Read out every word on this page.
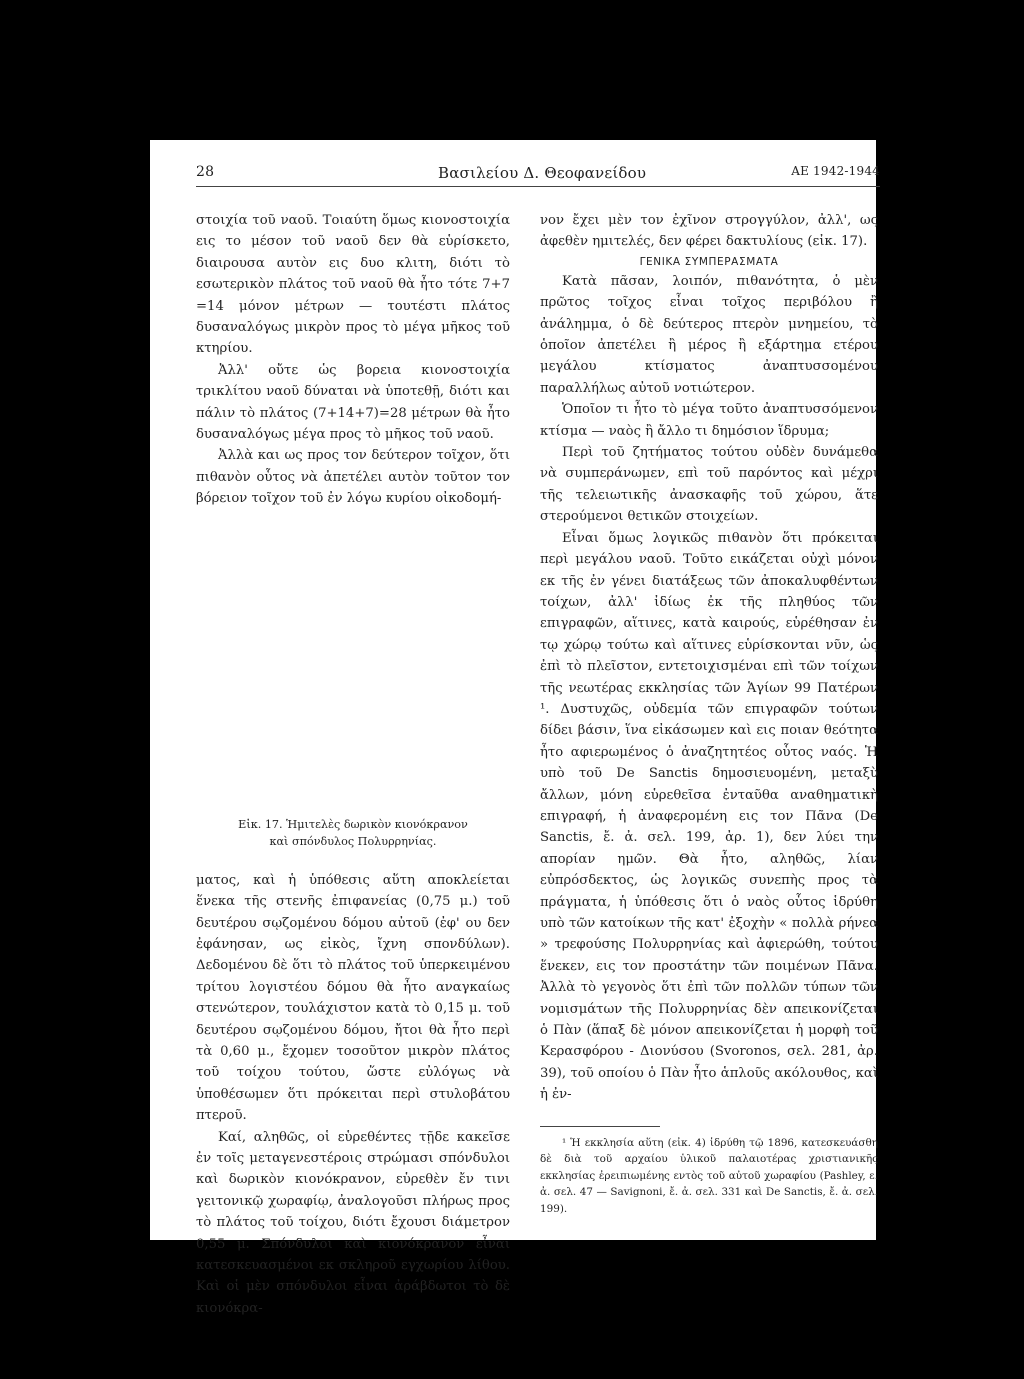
28	Βασιλείου Δ. Θεοφανείδου	ΑΕ 1942-1944

στοιχία τοῦ ναοῦ. Τοιαύτη ὅμως κιονοστοιχία εις το μέσον τοῦ ναοῦ δεν θὰ εὑρίσκετο, διαιρουσα αυτὸν εις δυο κλιτη, διότι τὸ εσωτερικὸν πλάτος τοῦ ναοῦ θὰ ἦτο τότε 7+7 =14 μόνον μέτρων — τουτέστι πλάτος δυσαναλόγως μικρὸν προς τὸ μέγα μῆκος τοῦ κτηρίου.

Ἀλλ' οὔτε ὡς βορεια κιονοστοιχία τρικλίτου ναοῦ δύναται νὰ ὑποτεθῇ, διότι και πάλιν τὸ πλάτος (7+14+7)=28 μέτρων θὰ ἦτο δυσαναλόγως μέγα προς τὸ μῆκος τοῦ ναοῦ.

Ἀλλὰ και ως προς τον δεύτερον τοῖχον, ὅτι πιθανὸν οὗτος νὰ ἀπετέλει αυτὸν τοῦτον τον βόρειον τοῖχον τοῦ ἐν λόγω κυρίου οἰκοδομή-

Εἰκ. 17. Ἡμιτελὲς δωρικὸν κιονόκρανον
καὶ σπόνδυλος Πολυρρηνίας.

ματος, καὶ ἡ ὑπόθεσις αὕτη αποκλείεται ἕνεκα τῆς στενῆς ἐπιφανείας (0,75 μ.) τοῦ δευτέρου σῳζομένου δόμου αὐτοῦ (ἐφ' ου δεν ἐφάνησαν, ως εἰκὸς, ἴχνη σπονδύλων). Δεδομένου δὲ ὅτι τὸ πλάτος τοῦ ὑπερκειμένου τρίτου λογιστέου δόμου θὰ ἦτο αναγκαίως στενώτερον, τουλάχιστον κατὰ τὸ 0,15 μ. τοῦ δευτέρου σῳζομένου δόμου, ἤτοι θὰ ἦτο περὶ τὰ 0,60 μ., ἔχομεν τοσοῦτον μικρὸν πλάτος τοῦ τοίχου τούτου, ὥστε εὐλόγως νὰ ὑποθέσωμεν ὅτι πρόκειται περὶ στυλοβάτου πτεροῦ.

Καί, αληθῶς, οἱ εὑρεθέντες τῇδε κακεῖσε ἐν τοῖς μεταγενεστέροις στρώμασι σπόνδυλοι καὶ δωρικὸν κιονόκρανον, εὑρεθὲν ἔν τινι γειτονικῷ χωραφίῳ, ἀναλογοῦσι πλήρως προς τὸ πλάτος τοῦ τοίχου, διότι ἔχουσι διάμετρον 0,55 μ. Σπόνδυλοι καὶ κιονόκρανον εἶναι κατεσκευασμένοι εκ σκληροῦ εγχωρίου λίθου. Καὶ οἱ μὲν σπόνδυλοι εἶναι ἀράβδωτοι τὸ δὲ κιονόκρα-

νον ἔχει μὲν τον ἐχῖνον στρογγύλον, ἀλλ', ως ἀφεθὲν ημιτελές, δεν φέρει δακτυλίους (εἰκ. 17).

ΓΕΝΙΚΑ ΣΥΜΠΕΡΑΣΜΑΤΑ

Κατὰ πᾶσαν, λοιπόν, πιθανότητα, ὁ μὲν πρῶτος τοῖχος εἶναι τοῖχος περιβόλου ἢ ἀνάλημμα, ὁ δὲ δεύτερος πτερὸν μνημείου, τὸ ὁποῖον ἀπετέλει ἢ μέρος ἢ εξάρτημα ετέρου μεγάλου κτίσματος ἀναπτυσσομένου παραλλήλως αὐτοῦ νοτιώτερον.

Ὁποῖον τι ἦτο τὸ μέγα τοῦτο ἀναπτυσσόμενον κτίσμα — ναὸς ἢ ἄλλο τι δημόσιον ἵδρυμα;

Περὶ τοῦ ζητήματος τούτου οὐδὲν δυνάμεθα νὰ συμπεράνωμεν, επὶ τοῦ παρόντος καὶ μέχρι τῆς τελειωτικῆς ἀνασκαφῆς τοῦ χώρου, ἅτε στερούμενοι θετικῶν στοιχείων.

Εἶναι ὅμως λογικῶς πιθανὸν ὅτι πρόκειται περὶ μεγάλου ναοῦ. Τοῦτο εικάζεται οὐχὶ μόνον εκ τῆς ἐν γένει διατάξεως τῶν ἀποκαλυφθέντων τοίχων, ἀλλ' ἰδίως ἐκ τῆς πληθύος τῶν επιγραφῶν, αἵτινες, κατὰ καιρούς, εὑρέθησαν ἐν τῳ χώρῳ τούτω καὶ αἵτινες εὑρίσκονται νῦν, ὡς ἐπὶ τὸ πλεῖστον, εντετοιχισμέναι επὶ τῶν τοίχων τῆς νεωτέρας εκκλησίας τῶν Ἁγίων 99 Πατέρων ¹. Δυστυχῶς, οὐδεμία τῶν επιγραφῶν τούτων δίδει βάσιν, ἵνα εἰκάσωμεν καὶ εις ποιαν θεότητα ἦτο αφιερωμένος ὁ ἀναζητητέος οὗτος ναός. Ἡ υπὸ τοῦ De Sanctis δημοσιευομένη, μεταξὺ ἄλλων, μόνη εὑρεθεῖσα ἐνταῦθα αναθηματικὴ επιγραφή, ἡ ἀναφερομένη εις τον Πᾶνα (De Sanctis, ἔ. ἀ. σελ. 199, ἀρ. 1), δεν λύει την απορίαν ημῶν. Θὰ ἦτο, αληθῶς, λίαν εὐπρόσδεκτος, ὡς λογικῶς συνεπὴς προς τὰ πράγματα, ἡ ὑπόθεσις ὅτι ὁ ναὸς οὗτος ἱδρύθη υπὸ τῶν κατοίκων τῆς κατ' ἐξοχὴν « πολλὰ ρήνεα » τρεφούσης Πολυρρηνίας καὶ ἀφιερώθη, τούτου ἕνεκεν, εις τον προστάτην τῶν ποιμένων Πᾶνα. Ἀλλὰ τὸ γεγονὸς ὅτι ἐπὶ τῶν πολλῶν τύπων τῶν νομισμάτων τῆς Πολυρρηνίας δὲν απεικονίζεται ὁ Πὰν (ἅπαξ δὲ μόνον απεικονίζεται ἡ μορφὴ τοῦ Κερασφόρου - Διονύσου (Svoronos, σελ. 281, ἀρ. 39), τοῦ οποίου ὁ Πὰν ἦτο ἁπλοῦς ακόλουθος, καὶ ἡ ἐν-

¹ Ἡ εκκλησία αὕτη (εἰκ. 4) ἱδρύθη τῷ 1896, κατεσκευάσθη δὲ διὰ τοῦ αρχαίου ὑλικοῦ παλαιοτέρας χριστιανικῆς εκκλησίας ἐρειπιωμένης εντὸς τοῦ αὐτοῦ χωραφίου (Pashley, ε. ἀ. σελ. 47 — Savignoni, ἔ. ἀ. σελ. 331 καὶ De Sanctis, ἔ. ἀ. σελ. 199).
